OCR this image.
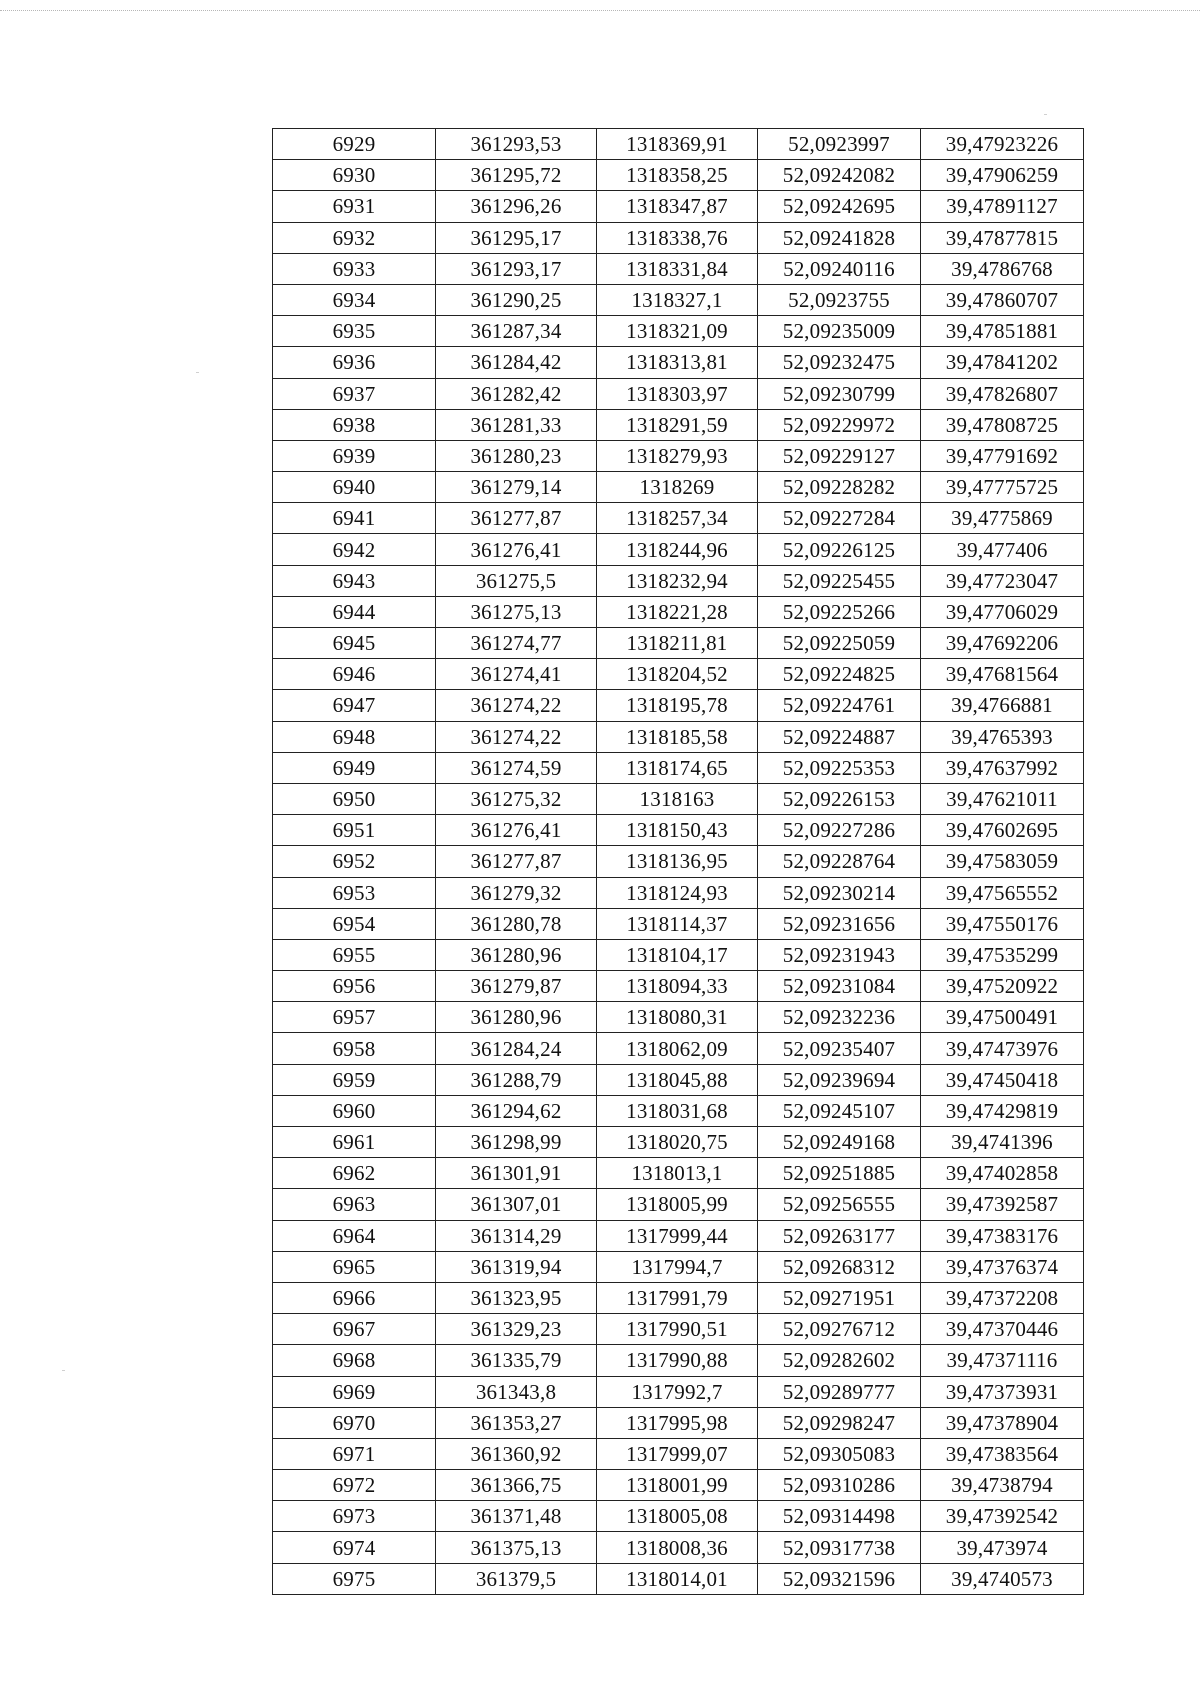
6929	361293,53	1318369,91	52,0923997	39,47923226
6930	361295,72	1318358,25	52,09242082	39,47906259
6931	361296,26	1318347,87	52,09242695	39,47891127
6932	361295,17	1318338,76	52,09241828	39,47877815
6933	361293,17	1318331,84	52,09240116	39,4786768
6934	361290,25	1318327,1	52,0923755	39,47860707
6935	361287,34	1318321,09	52,09235009	39,47851881
6936	361284,42	1318313,81	52,09232475	39,47841202
6937	361282,42	1318303,97	52,09230799	39,47826807
6938	361281,33	1318291,59	52,09229972	39,47808725
6939	361280,23	1318279,93	52,09229127	39,47791692
6940	361279,14	1318269	52,09228282	39,47775725
6941	361277,87	1318257,34	52,09227284	39,4775869
6942	361276,41	1318244,96	52,09226125	39,477406
6943	361275,5	1318232,94	52,09225455	39,47723047
6944	361275,13	1318221,28	52,09225266	39,47706029
6945	361274,77	1318211,81	52,09225059	39,47692206
6946	361274,41	1318204,52	52,09224825	39,47681564
6947	361274,22	1318195,78	52,09224761	39,4766881
6948	361274,22	1318185,58	52,09224887	39,4765393
6949	361274,59	1318174,65	52,09225353	39,47637992
6950	361275,32	1318163	52,09226153	39,47621011
6951	361276,41	1318150,43	52,09227286	39,47602695
6952	361277,87	1318136,95	52,09228764	39,47583059
6953	361279,32	1318124,93	52,09230214	39,47565552
6954	361280,78	1318114,37	52,09231656	39,47550176
6955	361280,96	1318104,17	52,09231943	39,47535299
6956	361279,87	1318094,33	52,09231084	39,47520922
6957	361280,96	1318080,31	52,09232236	39,47500491
6958	361284,24	1318062,09	52,09235407	39,47473976
6959	361288,79	1318045,88	52,09239694	39,47450418
6960	361294,62	1318031,68	52,09245107	39,47429819
6961	361298,99	1318020,75	52,09249168	39,4741396
6962	361301,91	1318013,1	52,09251885	39,47402858
6963	361307,01	1318005,99	52,09256555	39,47392587
6964	361314,29	1317999,44	52,09263177	39,47383176
6965	361319,94	1317994,7	52,09268312	39,47376374
6966	361323,95	1317991,79	52,09271951	39,47372208
6967	361329,23	1317990,51	52,09276712	39,47370446
6968	361335,79	1317990,88	52,09282602	39,47371116
6969	361343,8	1317992,7	52,09289777	39,47373931
6970	361353,27	1317995,98	52,09298247	39,47378904
6971	361360,92	1317999,07	52,09305083	39,47383564
6972	361366,75	1318001,99	52,09310286	39,4738794
6973	361371,48	1318005,08	52,09314498	39,47392542
6974	361375,13	1318008,36	52,09317738	39,473974
6975	361379,5	1318014,01	52,09321596	39,4740573
